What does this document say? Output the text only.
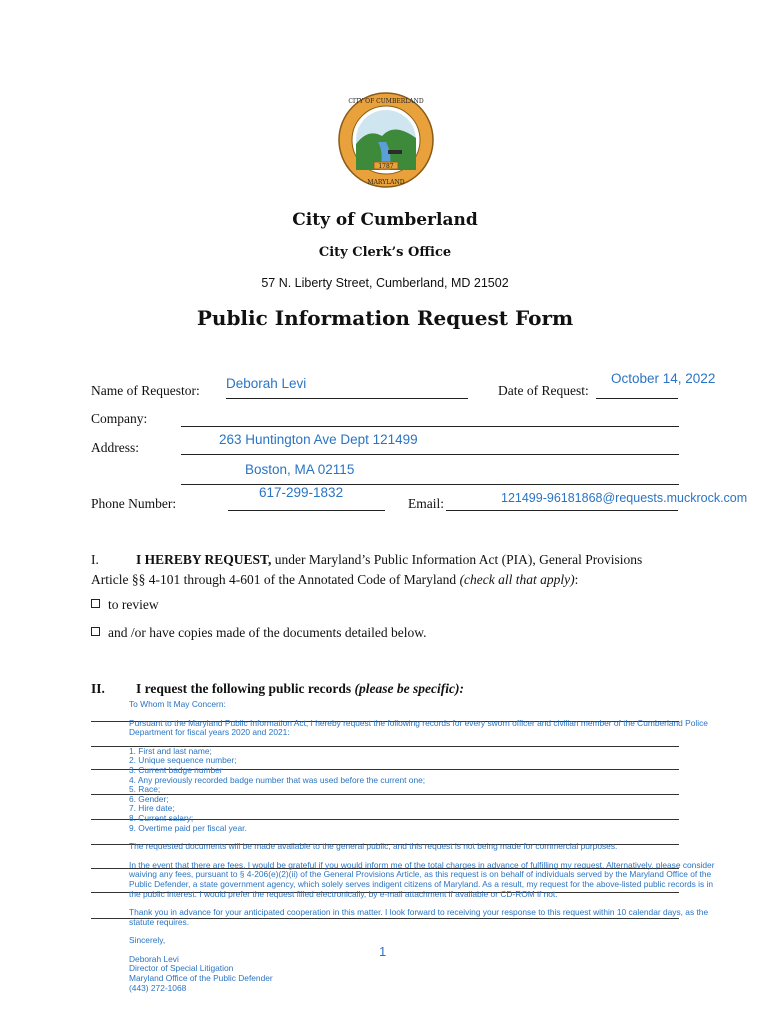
1787
CITY OF CUMBERLAND
MARYLAND
City of Cumberland
City Clerk’s Office
57 N. Liberty Street, Cumberland, MD 21502
Public Information Request Form
Name of Requestor: Deborah Levi	Date of Request:
October 14, 2022
Company:
Address:
263 Huntington Ave Dept 121499
Boston, MA 02115
Phone Number:
617-299-1832
Email:	121499-96181868@requests.muckrock.com
I.	I HEREBY REQUEST, under Maryland’s Public Information Act (PIA), General Provisions
Article §§ 4-101 through 4-601 of the Annotated Code of Maryland (check all that apply):
to review
and /or have copies made of the documents detailed below.
II. I request the following public records (please be specific):
To Whom It May Concern:
Pursuant to the Maryland Public Information Act, I hereby request the following records for every sworn officer and civilian member of the Cumberland Police
Department for fiscal years 2020 and 2021:
1. First and last name;
2. Unique sequence number;
3. Current badge number
4. Any previously recorded badge number that was used before the current one;
5. Race;
6. Gender;
7. Hire date;
8. Current salary;
9. Overtime paid per fiscal year.
The requested documents will be made available to the general public, and this request is not being made for commercial purposes.
In the event that there are fees, I would be grateful if you would inform me of the total charges in advance of fulfilling my request. Alternatively, please consider
waiving any fees, pursuant to § 4-206(e)(2)(ii) of the General Provisions Article, as this request is on behalf of individuals served by the Maryland Office of the
Public Defender, a state government agency, which solely serves indigent citizens of Maryland. As a result, my request for the above-listed public records is in
the public interest. I would prefer the request filled electronically, by e-mail attachment if available or CD-ROM if not.
Thank you in advance for your anticipated cooperation in this matter. I look forward to receiving your response to this request within 10 calendar days, as the
statute requires.
Sincerely,
Deborah Levi
Director of Special Litigation
Maryland Office of the Public Defender
(443) 272-1068
1
